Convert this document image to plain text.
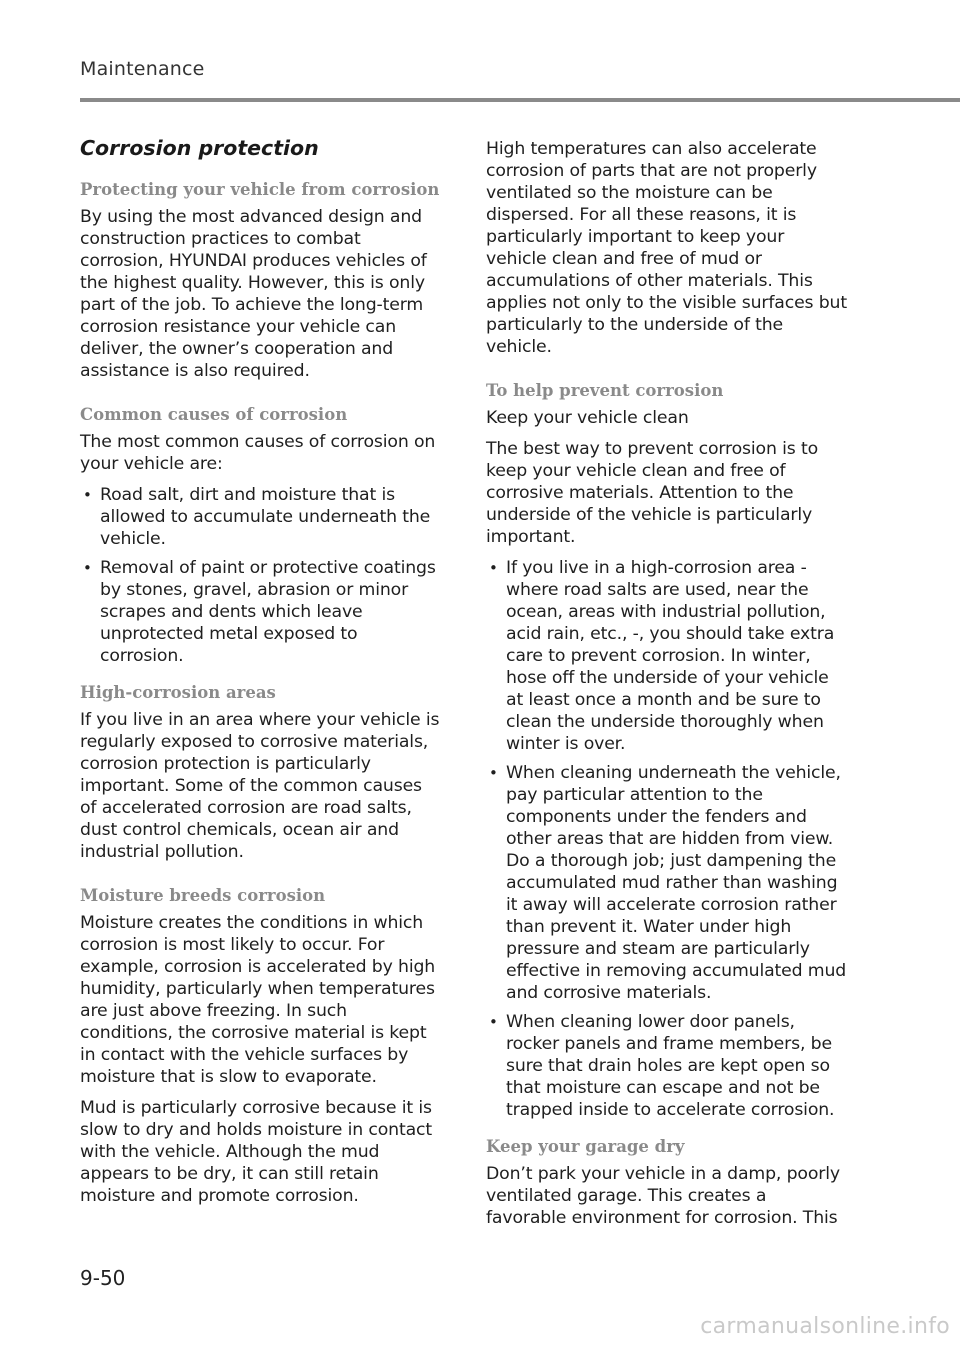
Maintenance
Corrosion protection
Protecting your vehicle from corrosion
By using the most advanced design and construction practices to combat corrosion, HYUNDAI produces vehicles of the highest quality. However, this is only part of the job. To achieve the long-term corrosion resistance your vehicle can deliver, the owner’s cooperation and assistance is also required.
Common causes of corrosion
The most common causes of corrosion on your vehicle are:
• Road salt, dirt and moisture that is allowed to accumulate underneath the vehicle.
• Removal of paint or protective coatings by stones, gravel, abrasion or minor scrapes and dents which leave unprotected metal exposed to corrosion.
High-corrosion areas
If you live in an area where your vehicle is regularly exposed to corrosive materials, corrosion protection is particularly important. Some of the common causes of accelerated corrosion are road salts, dust control chemicals, ocean air and industrial pollution.
Moisture breeds corrosion
Moisture creates the conditions in which corrosion is most likely to occur. For example, corrosion is accelerated by high humidity, particularly when temperatures are just above freezing. In such conditions, the corrosive material is kept in contact with the vehicle surfaces by moisture that is slow to evaporate.
Mud is particularly corrosive because it is slow to dry and holds moisture in contact with the vehicle. Although the mud appears to be dry, it can still retain moisture and promote corrosion.
High temperatures can also accelerate corrosion of parts that are not properly ventilated so the moisture can be dispersed. For all these reasons, it is particularly important to keep your vehicle clean and free of mud or accumulations of other materials. This applies not only to the visible surfaces but particularly to the underside of the vehicle.
To help prevent corrosion
Keep your vehicle clean
The best way to prevent corrosion is to keep your vehicle clean and free of corrosive materials. Attention to the underside of the vehicle is particularly important.
• If you live in a high-corrosion area - where road salts are used, near the ocean, areas with industrial pollution, acid rain, etc., -, you should take extra care to prevent corrosion. In winter, hose off the underside of your vehicle at least once a month and be sure to clean the underside thoroughly when winter is over.
• When cleaning underneath the vehicle, pay particular attention to the components under the fenders and other areas that are hidden from view. Do a thorough job; just dampening the accumulated mud rather than washing it away will accelerate corrosion rather than prevent it. Water under high pressure and steam are particularly effective in removing accumulated mud and corrosive materials.
• When cleaning lower door panels, rocker panels and frame members, be sure that drain holes are kept open so that moisture can escape and not be trapped inside to accelerate corrosion.
Keep your garage dry
Don’t park your vehicle in a damp, poorly ventilated garage. This creates a favorable environment for corrosion. This
9-50
carmanualsonline.info
